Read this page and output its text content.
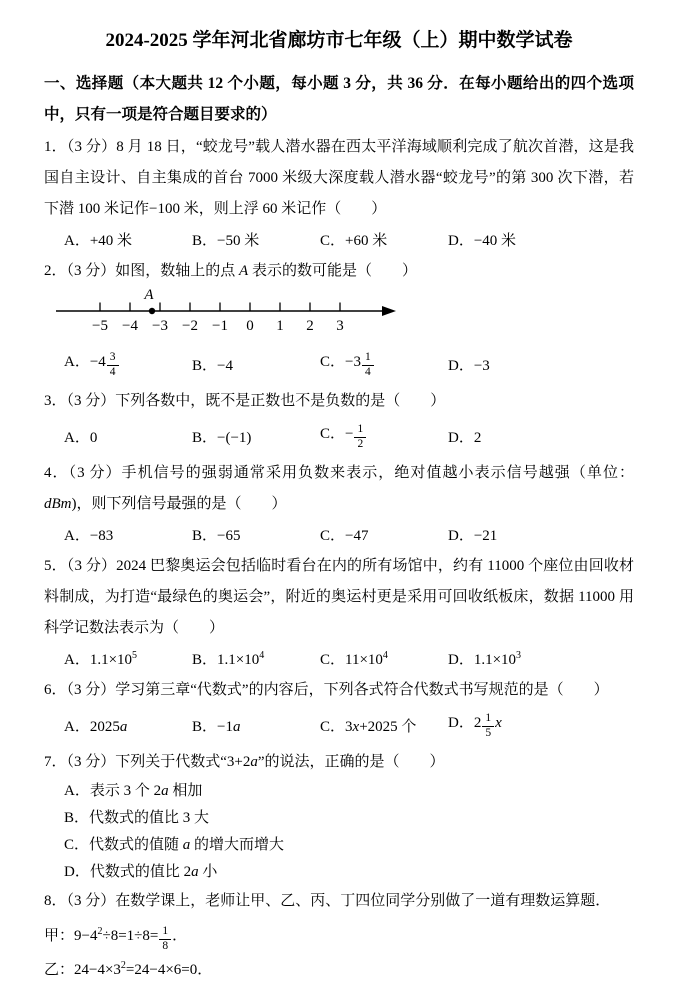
2024-2025 学年河北省廊坊市七年级（上）期中数学试卷
一、选择题（本大题共 12 个小题，每小题 3 分，共 36 分．在每小题给出的四个选项中，只有一项是符合题目要求的）

1．（3 分）8 月 18 日，“蛟龙号”载人潜水器在西太平洋海域顺利完成了航次首潜，这是我国自主设计、自主集成的首台 7000 米级大深度载人潜水器“蛟龙号”的第 300 次下潜，若下潜 100 米记作−100 米，则上浮 60 米记作（　　）

A．+40 米	B．−50 米	C．+60 米	D．−40 米

2．（3 分）如图，数轴上的点 A 表示的数可能是（　　）

−5 −4 −3 −2 −1 0 1 2 3
A
A．$-4 \frac{3}{4}$	B．−4	C．$-3 \frac{1}{4}$	D．−3

3．（3 分）下列各数中，既不是正数也不是负数的是（　　）

A．0	B．−(−1)	C．− $\frac{1}{2}$	D．2

4．（3 分）手机信号的强弱通常采用负数来表示，绝对值越小表示信号越强（单位：dBm)，则下列信号最强的是（　　）

A．−83	B．−65	C．−47	D．−21

5．（3 分）2024 巴黎奥运会包括临时看台在内的所有场馆中，约有 11000 个座位由回收材料制成，为打造“最绿色的奥运会”，附近的奥运村更是采用可回收纸板床，数据 11000 用科学记数法表示为（　　）

A．$1.1\times 10^5$	B．$1.1\times 10^4$	C．$11\times 10^4$	D．$1.1\times 10^3$

6．（3 分）学习第三章“代数式”的内容后，下列各式符合代数式书写规范的是（　　）

A．2025a	B．−1a	C．3x+2025 个	D．$2 \frac{1}{5}$ x

7．（3 分）下列关于代数式“3+2a”的说法，正确的是（　　）

A．表示 3 个 2a 相加
B．代数式的值比 3 大
C．代数式的值随 a 的增大而增大
D．代数式的值比 2a 小

8．（3 分）在数学课上，老师让甲、乙、丙、丁四位同学分别做了一道有理数运算题．

甲：$9-4^2\div 8=1\div 8= \frac{1}{8}$ ．

乙：$24-4\times 3^2=24-4\times 6=0$．
